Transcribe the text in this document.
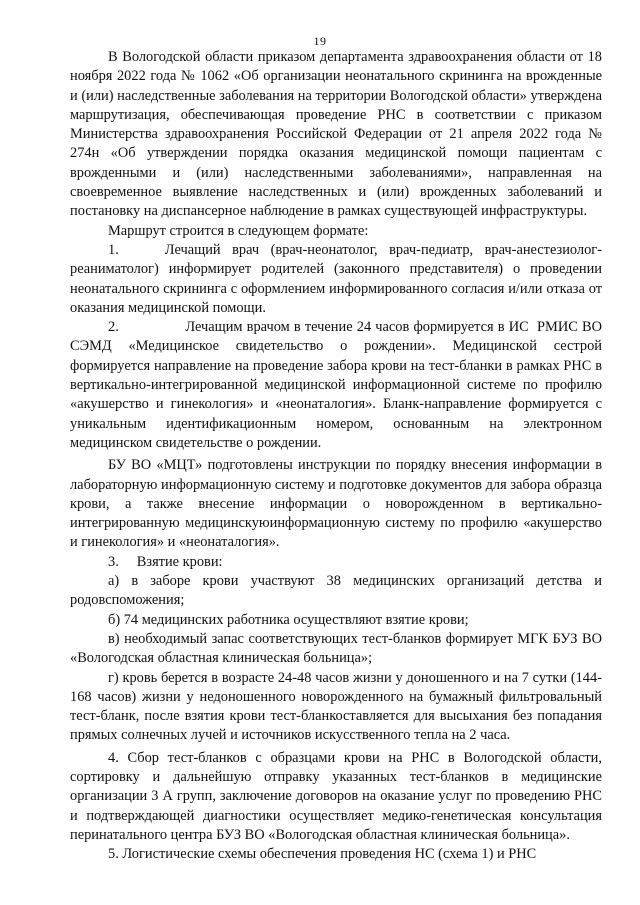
19

В Вологодской области приказом департамента здравоохранения области от 18 ноября 2022 года № 1062 «Об организации неонатального скрининга на врожденные и (или) наследственные заболевания на территории Вологодской области» утверждена маршрутизация, обеспечивающая проведение РНС в соответствии с приказом Министерства здравоохранения Российской Федерации от 21 апреля 2022 года № 274н «Об утверждении порядка оказания медицинской помощи пациентам с врожденными и (или) наследственными заболеваниями», направленная на своевременное выявление наследственных и (или) врожденных заболеваний и постановку на диспансерное наблюдение в рамках существующей инфраструктуры.

Маршрут строится в следующем формате:

1.    Лечащий врач (врач-неонатолог, врач-педиатр, врач-анестезиолог-реаниматолог) информирует родителей (законного представителя) о проведении неонатального скрининга с оформлением информированного согласия и/или отказа от оказания медицинской помощи.

2.                Лечащим врачом в течение 24 часов формируется в ИС  РМИС ВО СЭМД «Медицинское свидетельство о рождении». Медицинской сестрой формируется направление на проведение забора крови на тест-бланки в рамках РНС в вертикально-интегрированной медицинской информационной системе по профилю «акушерство и гинекология» и «неонаталогия». Бланк-направление формируется с уникальным идентификационным номером, основанным на электронном медицинском свидетельстве о рождении.

БУ ВО «МЦТ» подготовлены инструкции по порядку внесения информации в лабораторную информационную систему и подготовке документов для забора образца крови, а также внесение информации о новорожденном в вертикально-интегрированную медицинскуюинформационную систему по профилю «акушерство и гинекология» и «неонаталогия».

3.     Взятие крови:

а) в заборе крови участвуют 38 медицинских организаций детства и родовспоможения;

б) 74 медицинских работника осуществляют взятие крови;

в) необходимый запас соответствующих тест-бланков формирует МГК БУЗ ВО «Вологодская областная клиническая больница»;

г) кровь берется в возрасте 24-48 часов жизни у доношенного и на 7 сутки (144-168 часов) жизни у недоношенного новорожденного на бумажный фильтровальный тест-бланк, после взятия крови тест-бланкоставляется для высыхания без попадания прямых солнечных лучей и источников искусственного тепла на 2 часа.

4. Сбор тест-бланков с образцами крови на РНС в Вологодской области, сортировку и дальнейшую отправку указанных тест-бланков в медицинские организации 3 А групп, заключение договоров на оказание услуг по проведению РНС и подтверждающей диагностики осуществляет медико-генетическая консультация перинатального центра БУЗ ВО «Вологодская областная клиническая больница».

5. Логистические схемы обеспечения проведения НС (схема 1) и РНС
